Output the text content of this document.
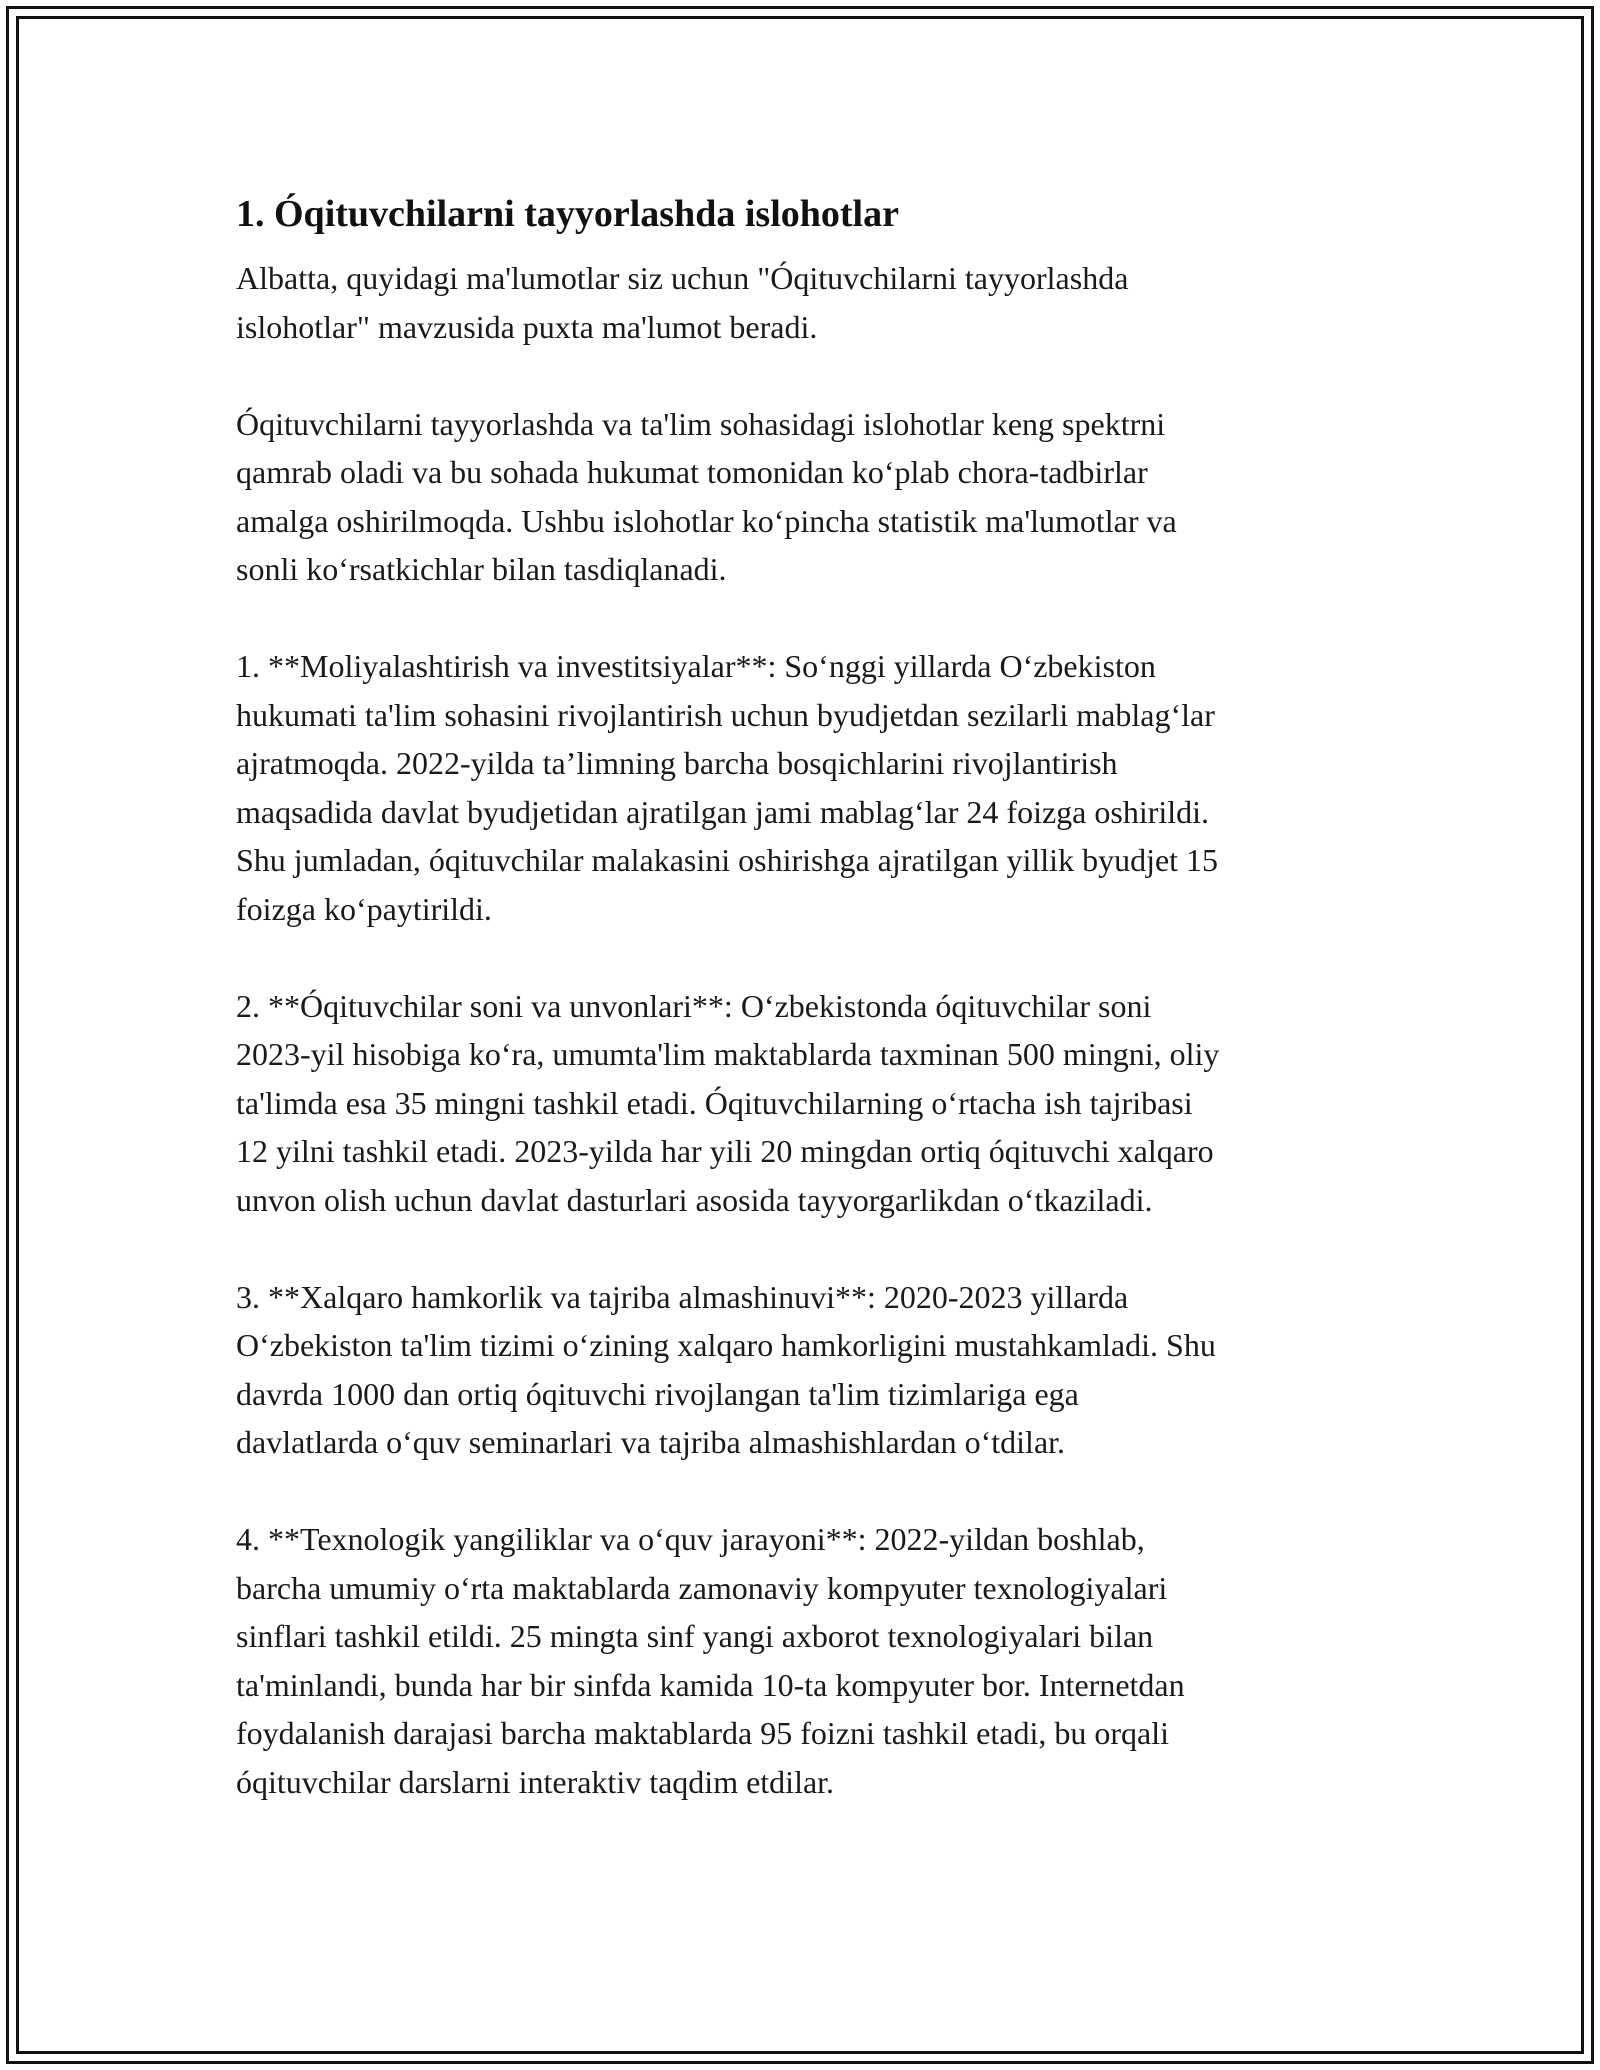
1. Óqituvchilarni tayyorlashda islohotlar

Albatta, quyidagi ma'lumotlar siz uchun "Óqituvchilarni tayyorlashda
islohotlar" mavzusida puxta ma'lumot beradi.

Óqituvchilarni tayyorlashda va ta'lim sohasidagi islohotlar keng spektrni
qamrab oladi va bu sohada hukumat tomonidan ko‘plab chora-tadbirlar
amalga oshirilmoqda. Ushbu islohotlar ko‘pincha statistik ma'lumotlar va
sonli ko‘rsatkichlar bilan tasdiqlanadi.

1. **Moliyalashtirish va investitsiyalar**: So‘nggi yillarda O‘zbekiston
hukumati ta'lim sohasini rivojlantirish uchun byudjetdan sezilarli mablag‘lar
ajratmoqda. 2022-yilda ta’limning barcha bosqichlarini rivojlantirish
maqsadida davlat byudjetidan ajratilgan jami mablag‘lar 24 foizga oshirildi.
Shu jumladan, óqituvchilar malakasini oshirishga ajratilgan yillik byudjet 15
foizga ko‘paytirildi.

2. **Óqituvchilar soni va unvonlari**: O‘zbekistonda óqituvchilar soni
2023-yil hisobiga ko‘ra, umumta'lim maktablarda taxminan 500 mingni, oliy
ta'limda esa 35 mingni tashkil etadi. Óqituvchilarning o‘rtacha ish tajribasi
12 yilni tashkil etadi. 2023-yilda har yili 20 mingdan ortiq óqituvchi xalqaro
unvon olish uchun davlat dasturlari asosida tayyorgarlikdan o‘tkaziladi.

3. **Xalqaro hamkorlik va tajriba almashinuvi**: 2020-2023 yillarda
O‘zbekiston ta'lim tizimi o‘zining xalqaro hamkorligini mustahkamladi. Shu
davrda 1000 dan ortiq óqituvchi rivojlangan ta'lim tizimlariga ega
davlatlarda o‘quv seminarlari va tajriba almashishlardan o‘tdilar.

4. **Texnologik yangiliklar va o‘quv jarayoni**: 2022-yildan boshlab,
barcha umumiy o‘rta maktablarda zamonaviy kompyuter texnologiyalari
sinflari tashkil etildi. 25 mingta sinf yangi axborot texnologiyalari bilan
ta'minlandi, bunda har bir sinfda kamida 10-ta kompyuter bor. Internetdan
foydalanish darajasi barcha maktablarda 95 foizni tashkil etadi, bu orqali
óqituvchilar darslarni interaktiv taqdim etdilar.
